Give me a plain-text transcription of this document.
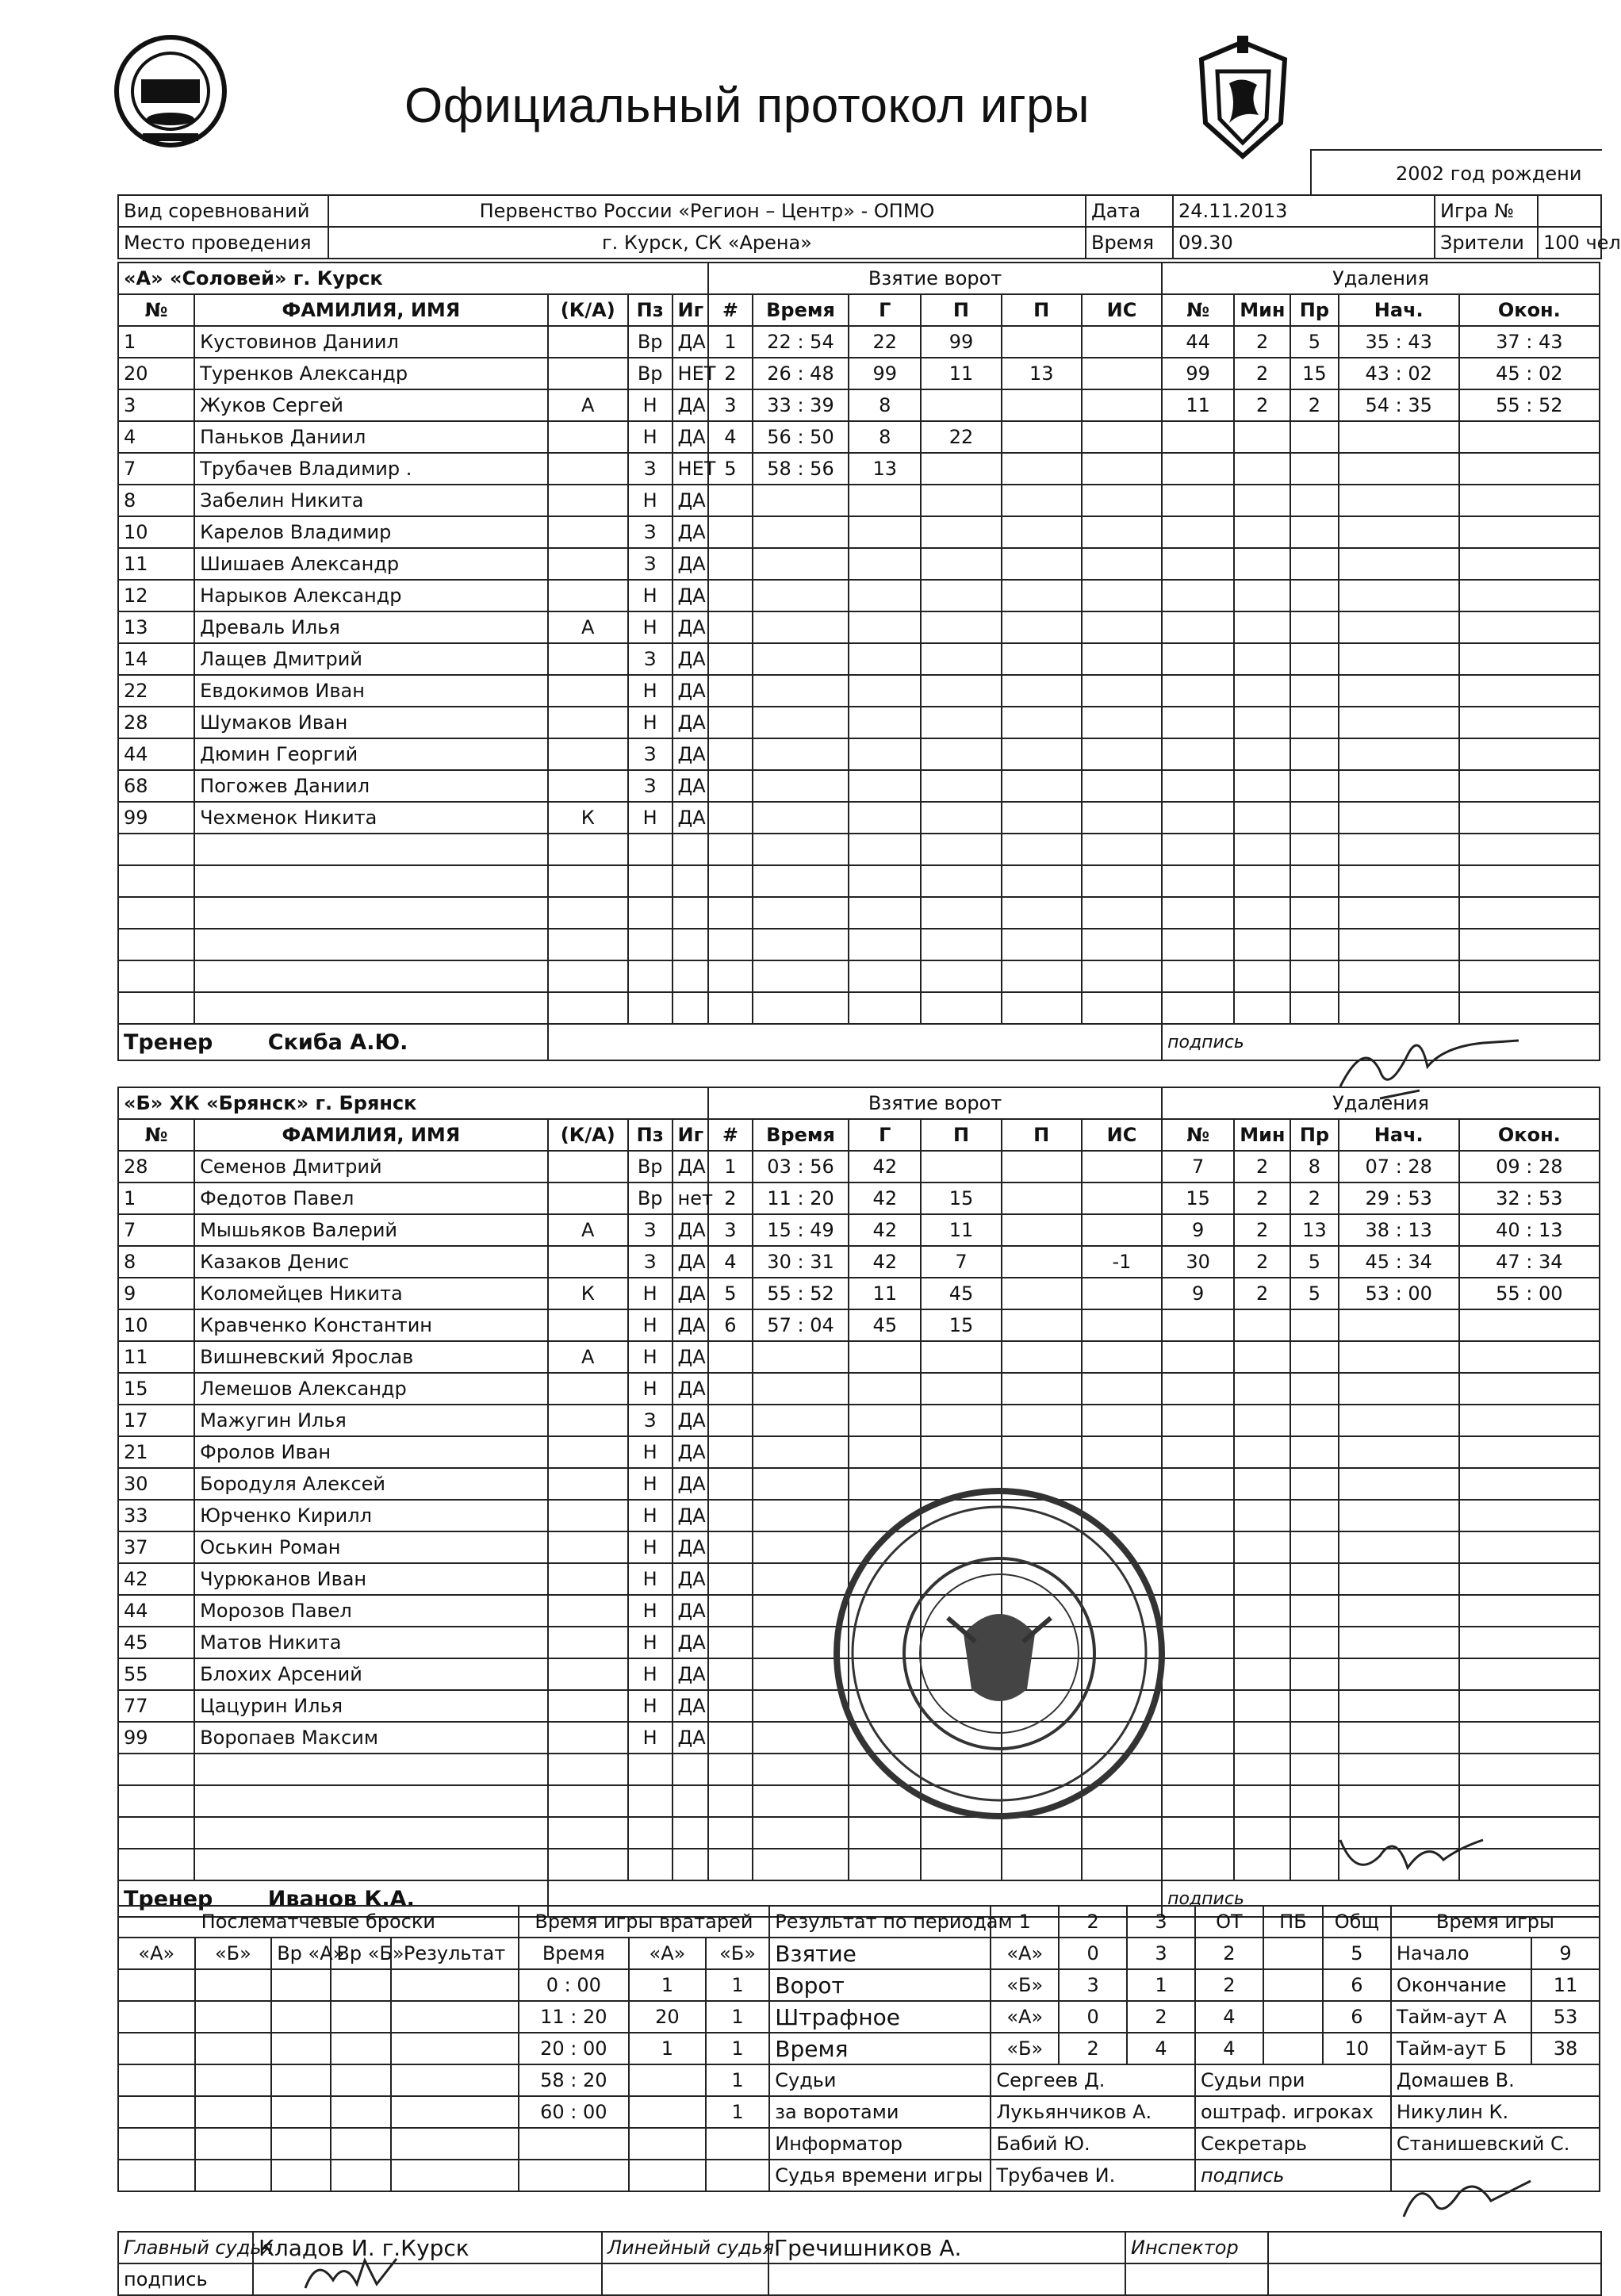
Официальный протокол игры
2002 год рождени
Вид соревнований	Первенство России «Регион – Центр» - ОПМО	Дата	24.11.2013	Игра №	
Место проведения	г. Курск, СК «Арена»	Время	09.30	Зрители	100 чел
«А» «Соловей» г. Курск					Взятие ворот						Удаления				
№	ФАМИЛИЯ, ИМЯ	(К/А)	Пз	Иг	#	Время	Г	П	П	ИС	№	Мин	Пр	Нач.	Окон.
1	Кустовинов Даниил		Вр	ДА	1	22 : 54	22	99			44	2	5	35 : 43	37 : 43
20	Туренков Александр		Вр	НЕТ	2	26 : 48	99	11	13		99	2	15	43 : 02	45 : 02
3	Жуков Сергей	А	Н	ДА	3	33 : 39	8				11	2	2	54 : 35	55 : 52
4	Паньков Даниил		Н	ДА	4	56 : 50	8	22							
7	Трубачев Владимир .		З	НЕТ	5	58 : 56	13								
8	Забелин Никита		Н	ДА											
10	Карелов Владимир		З	ДА											
11	Шишаев Александр		З	ДА											
12	Нарыков Александр		Н	ДА											
13	Древаль Илья	А	Н	ДА											
14	Лащев Дмитрий		З	ДА											
22	Евдокимов Иван		Н	ДА											
28	Шумаков Иван		Н	ДА											
44	Дюмин Георгий		З	ДА											
68	Погожев Даниил		З	ДА											
99	Чехменок Никита	К	Н	ДА											

Тренер Скиба А.Ю.											подпись				
«Б» ХК «Брянск» г. Брянск					Взятие ворот						Удаления				
№	ФАМИЛИЯ, ИМЯ	(К/А)	Пз	Иг	#	Время	Г	П	П	ИС	№	Мин	Пр	Нач.	Окон.
28	Семенов Дмитрий		Вр	ДА	1	03 : 56	42				7	2	8	07 : 28	09 : 28
1	Федотов Павел		Вр	нет	2	11 : 20	42	15			15	2	2	29 : 53	32 : 53
7	Мышьяков Валерий	А	З	ДА	3	15 : 49	42	11			9	2	13	38 : 13	40 : 13
8	Казаков Денис		З	ДА	4	30 : 31	42	7		-1	30	2	5	45 : 34	47 : 34
9	Коломейцев Никита	К	Н	ДА	5	55 : 52	11	45			9	2	5	53 : 00	55 : 00
10	Кравченко Константин		Н	ДА	6	57 : 04	45	15							
11	Вишневский Ярослав	А	Н	ДА											
15	Лемешов Александр		Н	ДА											
17	Мажугин Илья		З	ДА											
21	Фролов Иван		Н	ДА											
30	Бородуля Алексей		Н	ДА											
33	Юрченко Кирилл		Н	ДА											
37	Оськин Роман		Н	ДА											
42	Чурюканов Иван		Н	ДА											
44	Морозов Павел		Н	ДА											
45	Матов Никита		Н	ДА											
55	Блохих Арсений		Н	ДА											
77	Цацурин Илья		Н	ДА											
99	Воропаев Максим		Н	ДА											

Тренер Иванов К.А.											подпись				
Послематчевые броски					Время игры вратарей			Результат по периодам	1	2	3	ОТ	ПБ	Общ	Время игры	
«А»	«Б»	Вр «А»	Вр «Б»	Результат	Время	«А»	«Б»	Взятие	«А»	0	3	2		5	Начало	9
					0 : 00	1	1	Ворот	«Б»	3	1	2		6	Окончание	11
					11 : 20	20	1	Штрафное	«А»	0	2	4		6	Тайм-аут А	53
					20 : 00	1	1	Время	«Б»	2	4	4		10	Тайм-аут Б	38
					58 : 20		1	Судьи	Сергеев Д.			Судьи при			Домашев В.	
					60 : 00		1	за воротами	Лукьянчиков А.			оштраф. игроках			Никулин К.	
								Информатор	Бабий Ю.			Секретарь			Станишевский С.	
								Судья времени игры	Трубачев И.			подпись				
Главный судья	Кладов И. г.Курск	Линейный судья	Гречишников А.	Инспектор	
подпись					
